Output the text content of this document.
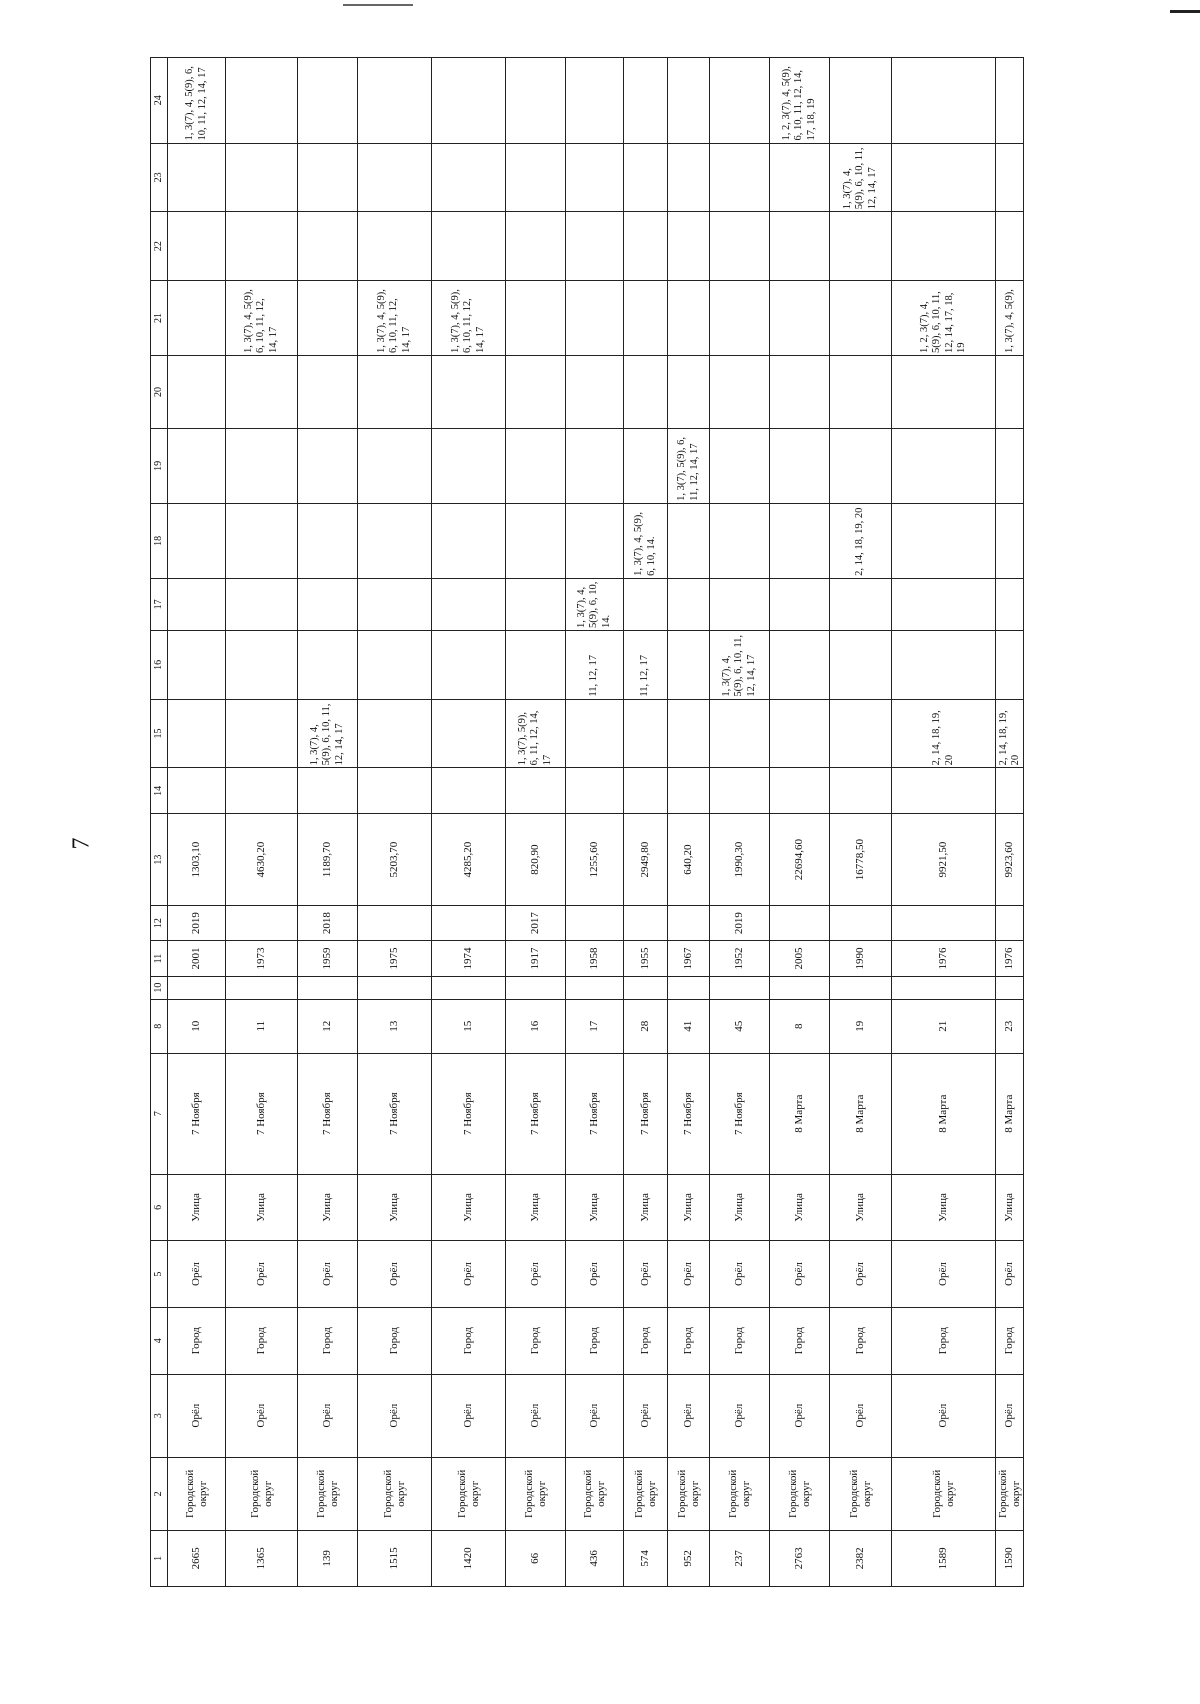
7
1	2	3	4	5	6	7	8	10	11	12	13	14	15	16	17	18	19	20	21	22	23	24
2665	Городской округ	Орёл	Город	Орёл	Улица	7 Ноября	10		2001	2019	1303,10											1, 3(7), 4, 5(9), 6, 10, 11, 12, 14, 17
1365	Городской округ	Орёл	Город	Орёл	Улица	7 Ноября	11		1973		4630,20								1, 3(7), 4, 5(9), 6, 10, 11, 12, 14, 17			
139	Городской округ	Орёл	Город	Орёл	Улица	7 Ноября	12		1959	2018	1189,70		1, 3(7), 4, 5(9), 6, 10, 11, 12, 14, 17									
1515	Городской округ	Орёл	Город	Орёл	Улица	7 Ноября	13		1975		5203,70								1, 3(7), 4, 5(9), 6, 10, 11, 12, 14, 17			
1420	Городской округ	Орёл	Город	Орёл	Улица	7 Ноября	15		1974		4285,20								1, 3(7), 4, 5(9), 6, 10, 11, 12, 14, 17			
66	Городской округ	Орёл	Город	Орёл	Улица	7 Ноября	16		1917	2017	820,90		1, 3(7), 5(9), 6, 11, 12, 14, 17									
436	Городской округ	Орёл	Город	Орёл	Улица	7 Ноября	17		1958		1255,60			11, 12, 17	1, 3(7), 4, 5(9), 6, 10, 14.							
574	Городской округ	Орёл	Город	Орёл	Улица	7 Ноября	28		1955		2949,80			11, 12, 17		1, 3(7), 4, 5(9), 6, 10, 14.						
952	Городской округ	Орёл	Город	Орёл	Улица	7 Ноября	41		1967		640,20						1, 3(7), 5(9), 6, 11, 12, 14, 17					
237	Городской округ	Орёл	Город	Орёл	Улица	7 Ноября	45		1952	2019	1990,30			1, 3(7), 4, 5(9), 6, 10, 11, 12, 14, 17								
2763	Городской округ	Орёл	Город	Орёл	Улица	8 Марта	8		2005		22694,60											1, 2, 3(7), 4, 5(9), 6, 10, 11, 12, 14, 17, 18, 19
2382	Городской округ	Орёл	Город	Орёл	Улица	8 Марта	19		1990		16778,50					2, 14, 18, 19, 20					1, 3(7), 4, 5(9), 6, 10, 11, 12, 14, 17	
1589	Городской округ	Орёл	Город	Орёл	Улица	8 Марта	21		1976		9921,50		2, 14, 18, 19, 20						1, 2, 3(7), 4, 5(9), 6, 10, 11, 12, 14, 17, 18, 19			
1590	Городской округ	Орёл	Город	Орёл	Улица	8 Марта	23		1976		9923,60		2, 14, 18, 19, 20						1, 3(7), 4, 5(9),			
